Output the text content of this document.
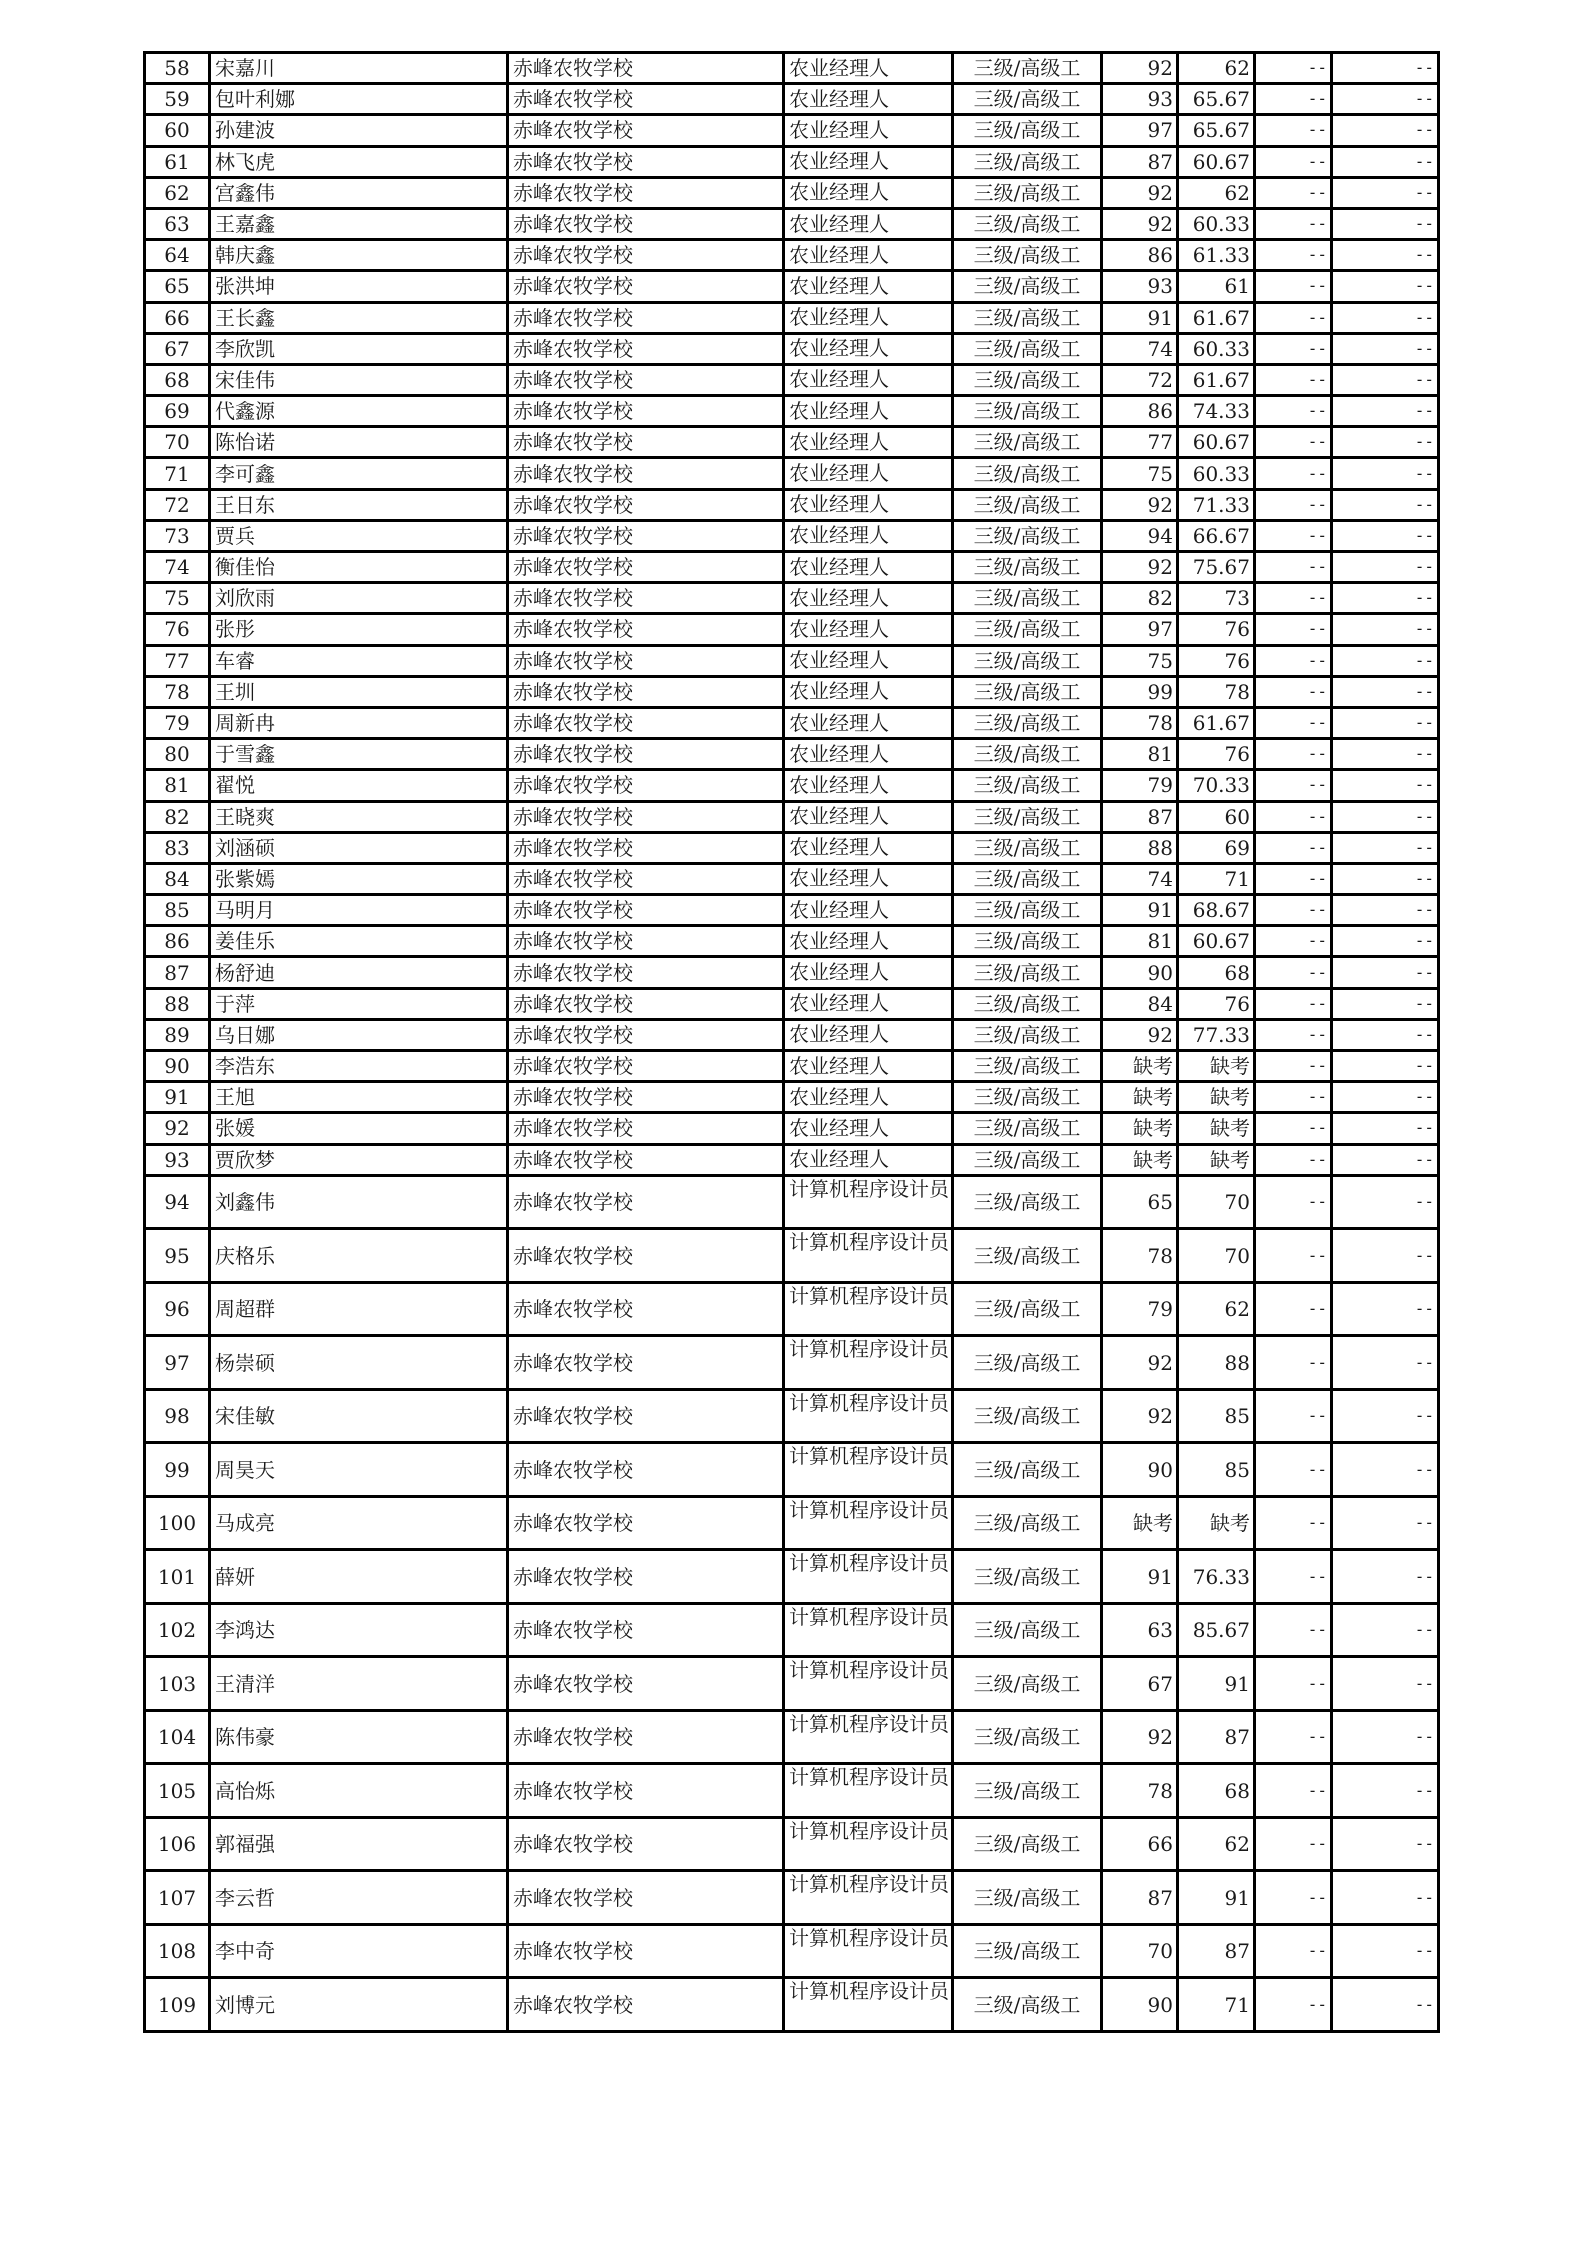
58	宋嘉川	赤峰农牧学校	农业经理人	三级/高级工	92	62	--	--
59	包叶利娜	赤峰农牧学校	农业经理人	三级/高级工	93	65.67	--	--
60	孙建波	赤峰农牧学校	农业经理人	三级/高级工	97	65.67	--	--
61	林飞虎	赤峰农牧学校	农业经理人	三级/高级工	87	60.67	--	--
62	宫鑫伟	赤峰农牧学校	农业经理人	三级/高级工	92	62	--	--
63	王嘉鑫	赤峰农牧学校	农业经理人	三级/高级工	92	60.33	--	--
64	韩庆鑫	赤峰农牧学校	农业经理人	三级/高级工	86	61.33	--	--
65	张洪坤	赤峰农牧学校	农业经理人	三级/高级工	93	61	--	--
66	王长鑫	赤峰农牧学校	农业经理人	三级/高级工	91	61.67	--	--
67	李欣凯	赤峰农牧学校	农业经理人	三级/高级工	74	60.33	--	--
68	宋佳伟	赤峰农牧学校	农业经理人	三级/高级工	72	61.67	--	--
69	代鑫源	赤峰农牧学校	农业经理人	三级/高级工	86	74.33	--	--
70	陈怡诺	赤峰农牧学校	农业经理人	三级/高级工	77	60.67	--	--
71	李可鑫	赤峰农牧学校	农业经理人	三级/高级工	75	60.33	--	--
72	王日东	赤峰农牧学校	农业经理人	三级/高级工	92	71.33	--	--
73	贾兵	赤峰农牧学校	农业经理人	三级/高级工	94	66.67	--	--
74	衡佳怡	赤峰农牧学校	农业经理人	三级/高级工	92	75.67	--	--
75	刘欣雨	赤峰农牧学校	农业经理人	三级/高级工	82	73	--	--
76	张彤	赤峰农牧学校	农业经理人	三级/高级工	97	76	--	--
77	车睿	赤峰农牧学校	农业经理人	三级/高级工	75	76	--	--
78	王圳	赤峰农牧学校	农业经理人	三级/高级工	99	78	--	--
79	周新冉	赤峰农牧学校	农业经理人	三级/高级工	78	61.67	--	--
80	于雪鑫	赤峰农牧学校	农业经理人	三级/高级工	81	76	--	--
81	翟悦	赤峰农牧学校	农业经理人	三级/高级工	79	70.33	--	--
82	王晓爽	赤峰农牧学校	农业经理人	三级/高级工	87	60	--	--
83	刘涵硕	赤峰农牧学校	农业经理人	三级/高级工	88	69	--	--
84	张紫嫣	赤峰农牧学校	农业经理人	三级/高级工	74	71	--	--
85	马明月	赤峰农牧学校	农业经理人	三级/高级工	91	68.67	--	--
86	姜佳乐	赤峰农牧学校	农业经理人	三级/高级工	81	60.67	--	--
87	杨舒迪	赤峰农牧学校	农业经理人	三级/高级工	90	68	--	--
88	于萍	赤峰农牧学校	农业经理人	三级/高级工	84	76	--	--
89	乌日娜	赤峰农牧学校	农业经理人	三级/高级工	92	77.33	--	--
90	李浩东	赤峰农牧学校	农业经理人	三级/高级工	缺考	缺考	--	--
91	王旭	赤峰农牧学校	农业经理人	三级/高级工	缺考	缺考	--	--
92	张媛	赤峰农牧学校	农业经理人	三级/高级工	缺考	缺考	--	--
93	贾欣梦	赤峰农牧学校	农业经理人	三级/高级工	缺考	缺考	--	--
94	刘鑫伟	赤峰农牧学校	计算机程序设计员	三级/高级工	65	70	--	--
95	庆格乐	赤峰农牧学校	计算机程序设计员	三级/高级工	78	70	--	--
96	周超群	赤峰农牧学校	计算机程序设计员	三级/高级工	79	62	--	--
97	杨崇硕	赤峰农牧学校	计算机程序设计员	三级/高级工	92	88	--	--
98	宋佳敏	赤峰农牧学校	计算机程序设计员	三级/高级工	92	85	--	--
99	周昊天	赤峰农牧学校	计算机程序设计员	三级/高级工	90	85	--	--
100	马成亮	赤峰农牧学校	计算机程序设计员	三级/高级工	缺考	缺考	--	--
101	薛妍	赤峰农牧学校	计算机程序设计员	三级/高级工	91	76.33	--	--
102	李鸿达	赤峰农牧学校	计算机程序设计员	三级/高级工	63	85.67	--	--
103	王清洋	赤峰农牧学校	计算机程序设计员	三级/高级工	67	91	--	--
104	陈伟豪	赤峰农牧学校	计算机程序设计员	三级/高级工	92	87	--	--
105	高怡烁	赤峰农牧学校	计算机程序设计员	三级/高级工	78	68	--	--
106	郭福强	赤峰农牧学校	计算机程序设计员	三级/高级工	66	62	--	--
107	李云哲	赤峰农牧学校	计算机程序设计员	三级/高级工	87	91	--	--
108	李中奇	赤峰农牧学校	计算机程序设计员	三级/高级工	70	87	--	--
109	刘博元	赤峰农牧学校	计算机程序设计员	三级/高级工	90	71	--	--
